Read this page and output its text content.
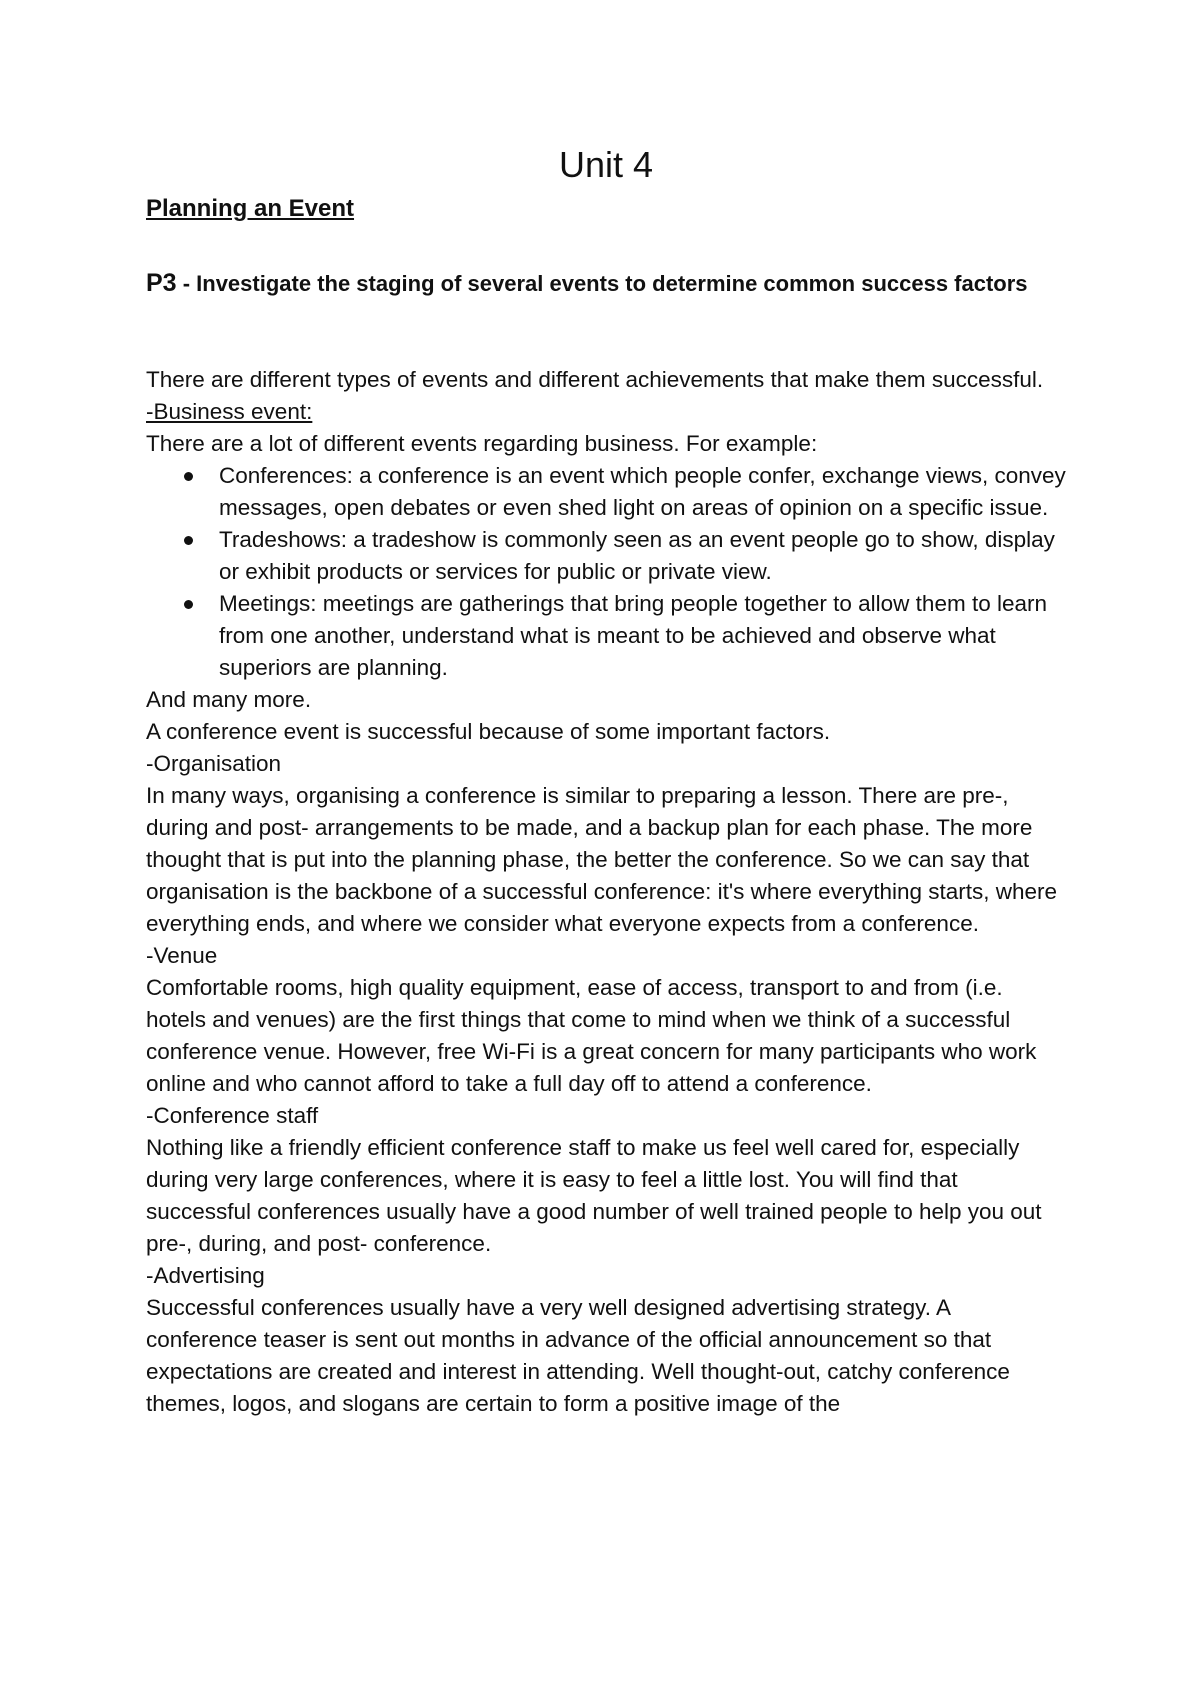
Unit 4
Planning an Event

P3 - Investigate the staging of several events to determine common success factors

There are different types of events and different achievements that make them successful.

-Business event:

There are a lot of different events regarding business. For example:

Conferences: a conference is an event which people confer, exchange views, convey messages, open debates or even shed light on areas of opinion on a specific issue.
Tradeshows: a tradeshow is commonly seen as an event people go to show, display or exhibit products or services for public or private view.
Meetings: meetings are gatherings that bring people together to allow them to learn from one another, understand what is meant to be achieved and observe what superiors are planning.

And many more.

A conference event is successful because of some important factors.

-Organisation

In many ways, organising a conference is similar to preparing a lesson. There are pre-, during and post- arrangements to be made, and a backup plan for each phase. The more thought that is put into the planning phase, the better the conference. So we can say that organisation is the backbone of a successful conference: it's where everything starts, where everything ends, and where we consider what everyone expects from a conference.

-Venue

Comfortable rooms, high quality equipment, ease of access, transport to and from (i.e. hotels and venues) are the first things that come to mind when we think of a successful conference venue. However, free Wi-Fi is a great concern for many participants who work online and who cannot afford to take a full day off to attend a conference.

-Conference staff

Nothing like a friendly efficient conference staff to make us feel well cared for, especially during very large conferences, where it is easy to feel a little lost. You will find that successful conferences usually have a good number of well trained people to help you out pre-, during, and post- conference.

-Advertising

Successful conferences usually have a very well designed advertising strategy. A conference teaser is sent out months in advance of the official announcement so that expectations are created and interest in attending. Well thought-out, catchy conference themes, logos, and slogans are certain to form a positive image of the
